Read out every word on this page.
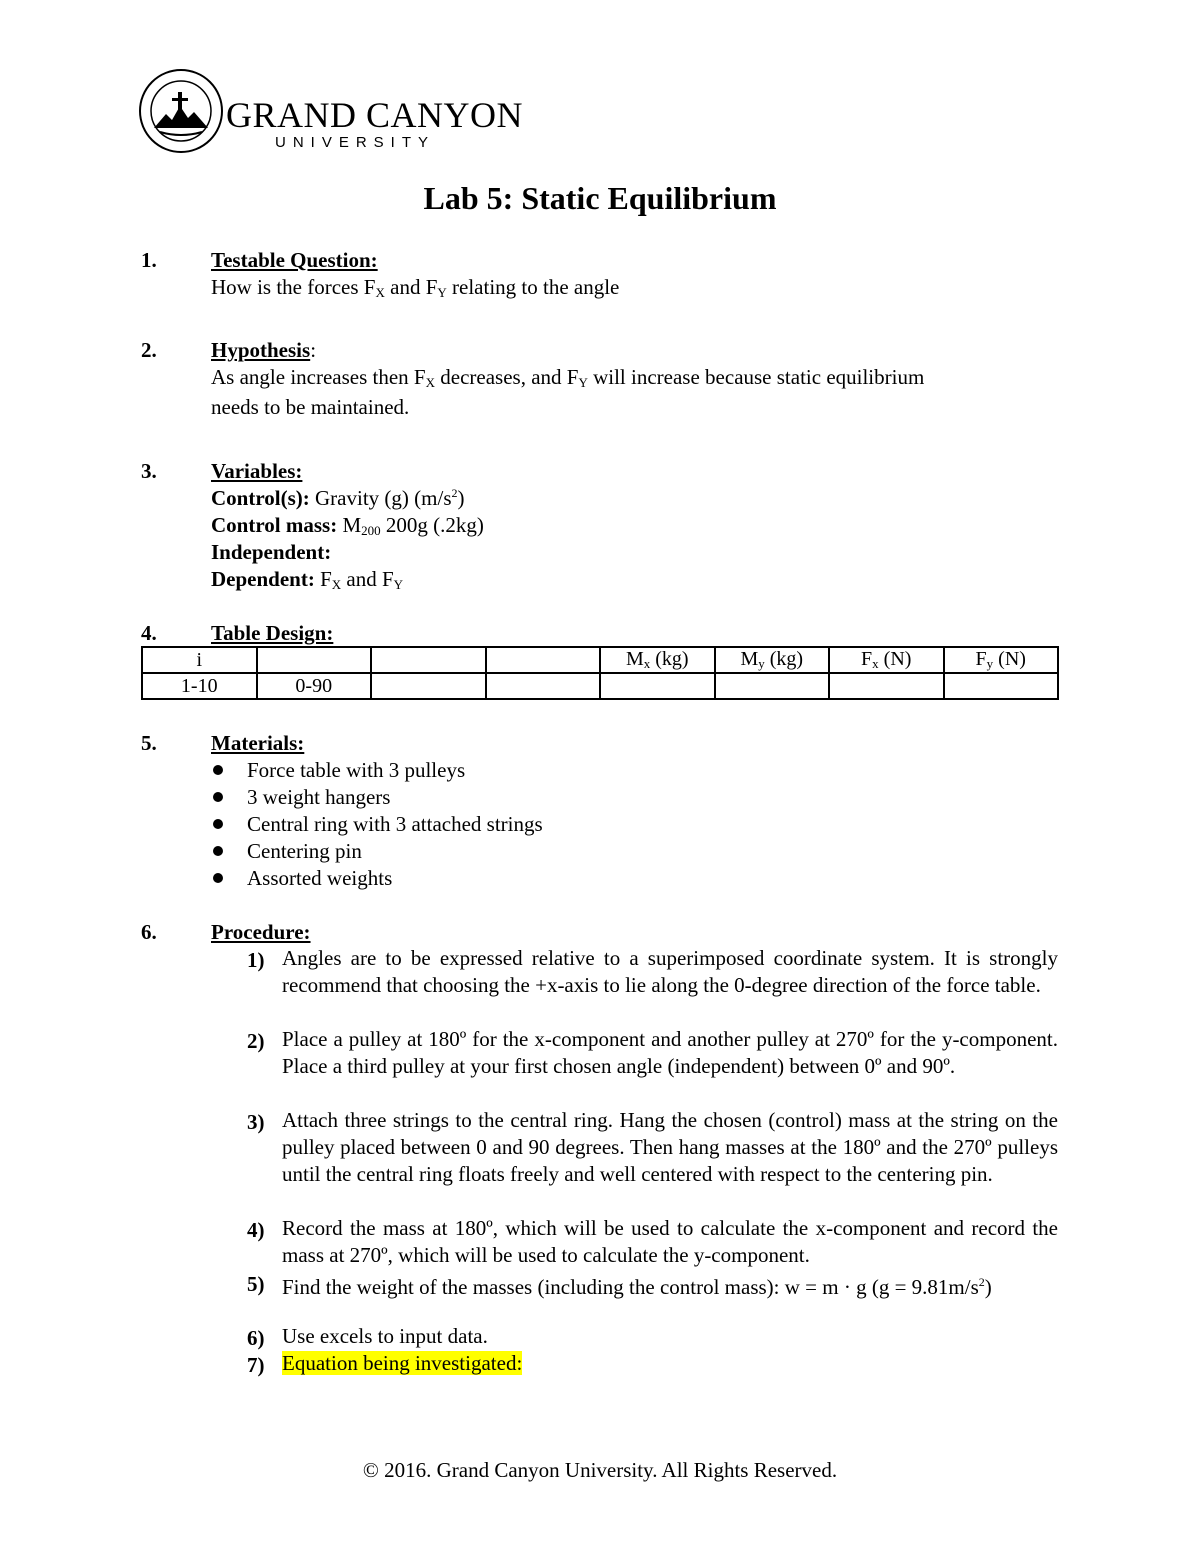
GRAND CANYON
UNIVERSITY
Lab 5: Static Equilibrium
1.	Testable Question:
How is the forces $F_X$ and $F_Y$ relating to the angle
2.	Hypothesis:
As angle increases then $F_X$ decreases, and $F_Y$ will increase because static equilibrium
needs to be maintained.
3.	Variables:
Control(s): Gravity (g) $(m/s^2)$
Control mass: $M_{200}$ 200g (.2kg)
Independent:
Dependent: $F_X$ and $F_Y$
4.	Table Design:
i				$M_x$ (kg)	$M_y$ (kg)	$F_x$ (N)	$F_y$ (N)
1-10	0-90						
5.	Materials:
Force table with 3 pulleys
3 weight hangers
Central ring with 3 attached strings
Centering pin
Assorted weights
6.	Procedure:
1) Angles are to be expressed relative to a superimposed coordinate system. It is strongly recommend that choosing the +x-axis to lie along the 0-degree direction of the force table.
2) Place a pulley at 180º for the x-component and another pulley at 270º for the y-component. Place a third pulley at your first chosen angle (independent) between 0º and 90º.
3) Attach three strings to the central ring. Hang the chosen (control) mass at the string on the pulley placed between 0 and 90 degrees. Then hang masses at the 180º and the 270º pulleys until the central ring floats freely and well centered with respect to the centering pin.
4) Record the mass at 180º, which will be used to calculate the x-component and record the mass at 270º, which will be used to calculate the y-component.
5) Find the weight of the masses (including the control mass): w = m · g $(g = 9.81m/s^2)$
6) Use excels to input data.
7) Equation being investigated:
© 2016. Grand Canyon University. All Rights Reserved.
